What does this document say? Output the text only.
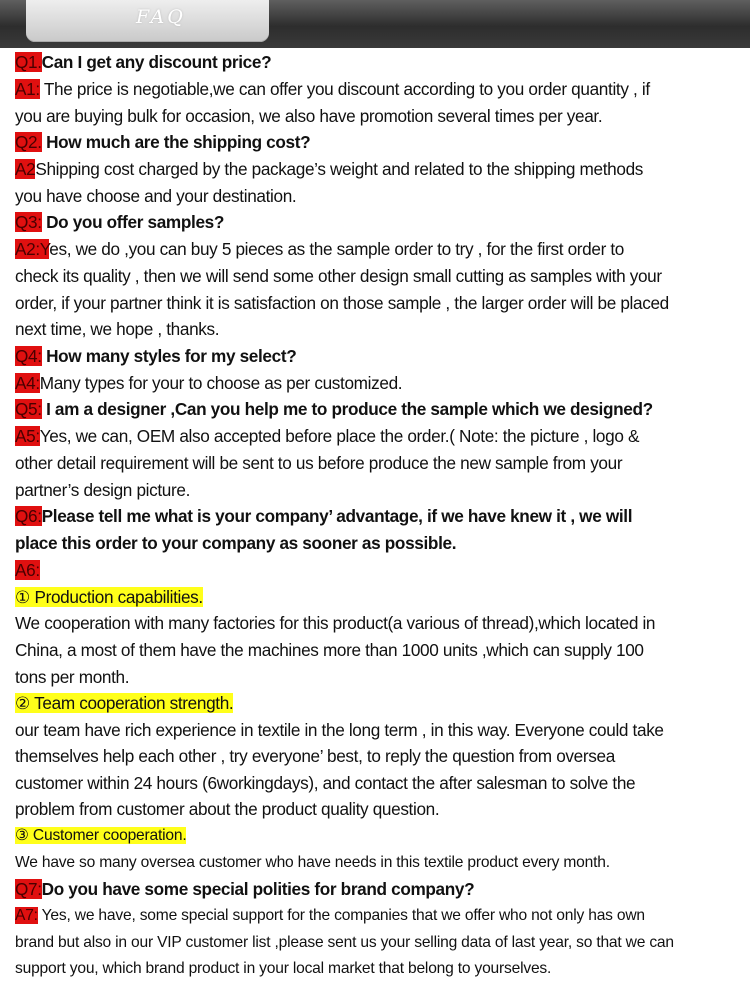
FAQ
Q1.Can I get any discount price?
A1: The price is negotiable,we can offer you discount according to you order quantity , if
you are buying bulk for occasion, we also have promotion several times per year.
Q2. How much are the shipping cost?
A2Shipping cost charged by the package’s weight and related to the shipping methods
you have choose and your destination.
Q3: Do you offer samples?
A2:Yes, we do ,you can buy 5 pieces as the sample order to try , for the first order to
check its quality , then we will send some other design small cutting as samples with your
order, if your partner think it is satisfaction on those sample , the larger order will be placed
next time, we hope , thanks.
Q4: How many styles for my select?
A4:Many types for your to choose as per customized.
Q5: I am a designer ,Can you help me to produce the sample which we designed?
A5:Yes, we can, OEM also accepted before place the order.( Note: the picture , logo &
other detail requirement will be sent to us before produce the new sample from your
partner’s design picture.
Q6:Please tell me what is your company’ advantage, if we have knew it , we will
place this order to your company as sooner as possible.
A6:
① Production capabilities.
We cooperation with many factories for this product(a various of thread),which located in
China, a most of them have the machines more than 1000 units ,which can supply 100
tons per month.
② Team cooperation strength.
our team have rich experience in textile in the long term , in this way. Everyone could take
themselves help each other , try everyone’ best, to reply the question from oversea
customer within 24 hours (6workingdays), and contact the after salesman to solve the
problem from customer about the product quality question.
③ Customer cooperation.
We have so many oversea customer who have needs in this textile product every month.
Q7:Do you have some special polities for brand company?
A7: Yes, we have, some special support for the companies that we offer who not only has own
brand but also in our VIP customer list ,please sent us your selling data of last year, so that we can
support you, which brand product in your local market that belong to yourselves.
